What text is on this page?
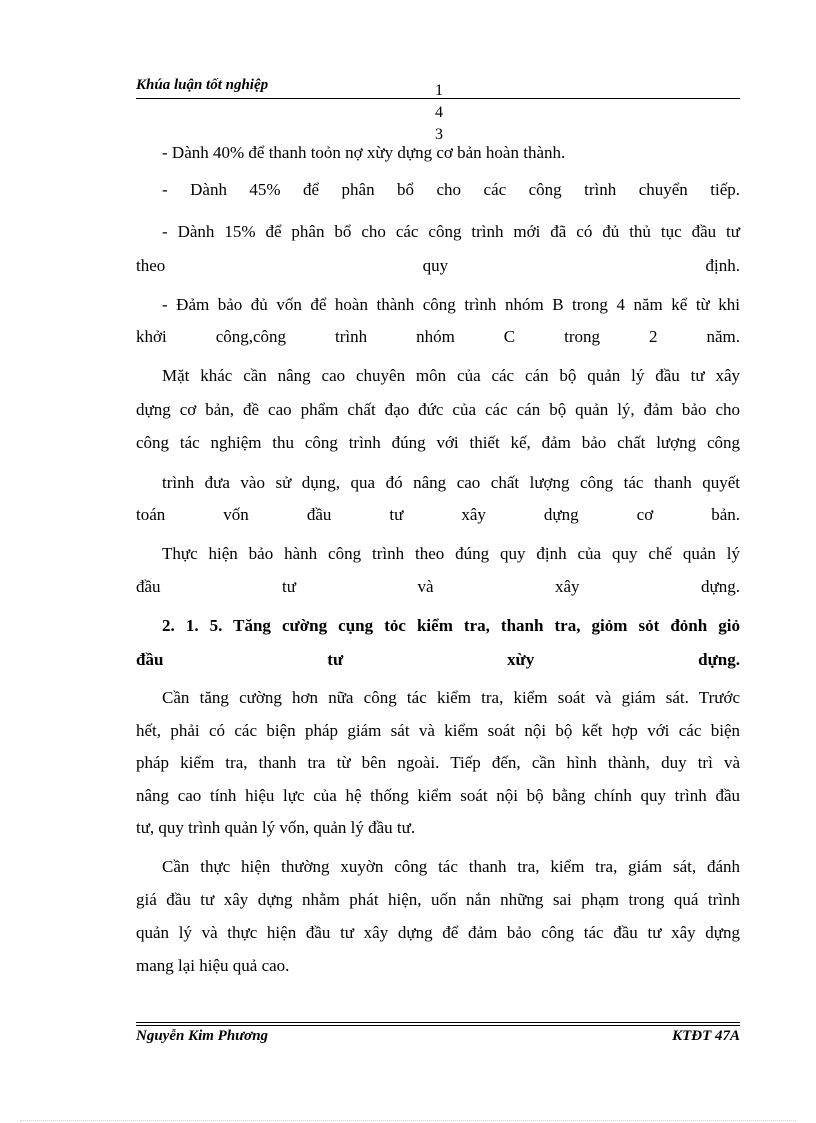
Khúa luận tốt nghiệp	1
4
3
- Dành 40% để thanh toỏn nợ xừy dựng cơ bản hoàn thành.
- Dành 45% để phân bổ cho các công trình chuyển tiếp.
- Dành 15% để phân bổ cho các công trình mới đã có đủ thủ tục đầu tư
theo quy định.
- Đảm bảo đủ vốn để hoàn thành công trình nhóm B trong 4 năm kể từ khi
khởi công,công trình nhóm C trong 2 năm.
Mặt khác cần nâng cao chuyên môn của các cán bộ quản lý đầu tư xây
dựng cơ bản, đề cao phẩm chất đạo đức của các cán bộ quản lý, đảm bảo cho
công tác nghiệm thu công trình đúng với thiết kế, đảm bảo chất lượng công
trình đưa vào sử dụng, qua đó nâng cao chất lượng công tác thanh quyết
toán vốn đầu tư xây dựng cơ bản.
Thực hiện bảo hành công trình theo đúng quy định của quy chế quản lý
đầu tư và xây dựng.
2. 1. 5. Tăng cường cụng tỏc kiểm tra, thanh tra, giỏm sỏt đỏnh giỏ
đầu tư xừy dựng.
Cần tăng cường hơn nữa công tác kiểm tra, kiểm soát và giám sát. Trước
hết, phải có các biện pháp giám sát và kiểm soát nội bộ kết hợp với các biện
pháp kiểm tra, thanh tra từ bên ngoài. Tiếp đến, cần hình thành, duy trì và
nâng cao tính hiệu lực của hệ thống kiểm soát nội bộ bằng chính quy trình đầu
tư, quy trình quản lý vốn, quản lý đầu tư.
Cần thực hiện thường xuyờn công tác thanh tra, kiểm tra, giám sát, đánh
giá đầu tư xây dựng nhằm phát hiện, uốn nắn những sai phạm trong quá trình
quản lý và thực hiện đầu tư xây dựng để đảm bảo công tác đầu tư xây dựng
mang lại hiệu quả cao.
Nguyễn Kim Phương	KTĐT 47A
